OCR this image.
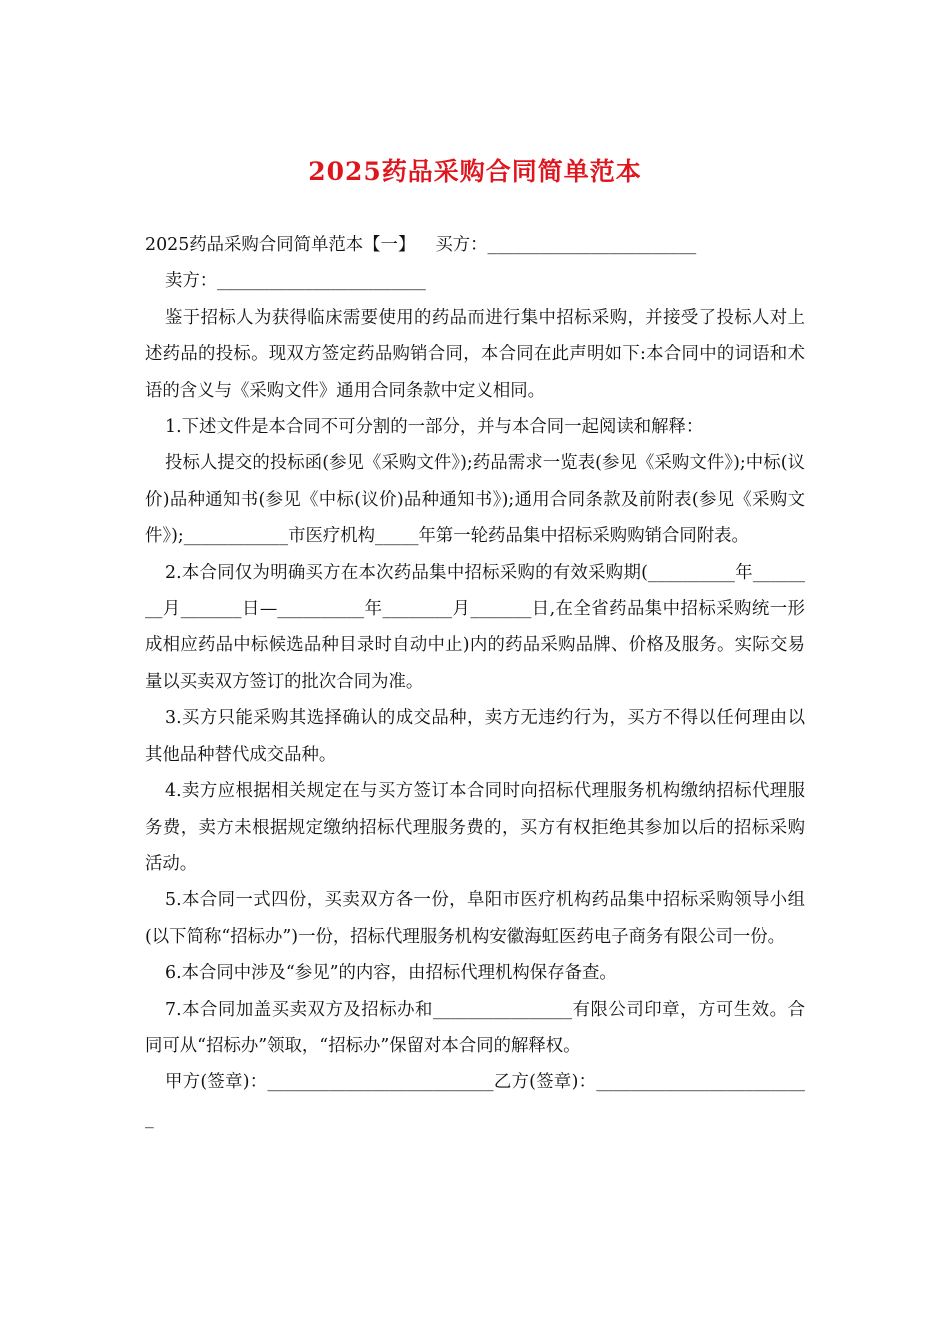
2025药品采购合同简单范本

2025药品采购合同简单范本【一】 买方：________________________

卖方：________________________

鉴于招标人为获得临床需要使用的药品而进行集中招标采购，并接受了投标人对上述药品的投标。现双方签定药品购销合同，本合同在此声明如下:本合同中的词语和术语的含义与《采购文件》通用合同条款中定义相同。

1.下述文件是本合同不可分割的一部分，并与本合同一起阅读和解释：

投标人提交的投标函(参见《采购文件》);药品需求一览表(参见《采购文件》);中标(议价)品种通知书(参见《中标(议价)品种通知书》);通用合同条款及前附表(参见《采购文件》);____________市医疗机构_____年第一轮药品集中招标采购购销合同附表。

2.本合同仅为明确买方在本次药品集中招标采购的有效采购期(__________年________月_______日—__________年________月_______日,在全省药品集中招标采购统一形成相应药品中标候选品种目录时自动中止)内的药品采购品牌、价格及服务。实际交易量以买卖双方签订的批次合同为准。

3.买方只能采购其选择确认的成交品种，卖方无违约行为，买方不得以任何理由以其他品种替代成交品种。

4.卖方应根据相关规定在与买方签订本合同时向招标代理服务机构缴纳招标代理服务费，卖方未根据规定缴纳招标代理服务费的，买方有权拒绝其参加以后的招标采购活动。

5.本合同一式四份，买卖双方各一份，阜阳市医疗机构药品集中招标采购领导小组(以下简称“招标办”)一份，招标代理服务机构安徽海虹医药电子商务有限公司一份。

6.本合同中涉及“参见”的内容，由招标代理机构保存备查。

7.本合同加盖买卖双方及招标办和________________有限公司印章，方可生效。合同可从“招标办”领取，“招标办”保留对本合同的解释权。

甲方(签章)：__________________________乙方(签章)：_________________________
